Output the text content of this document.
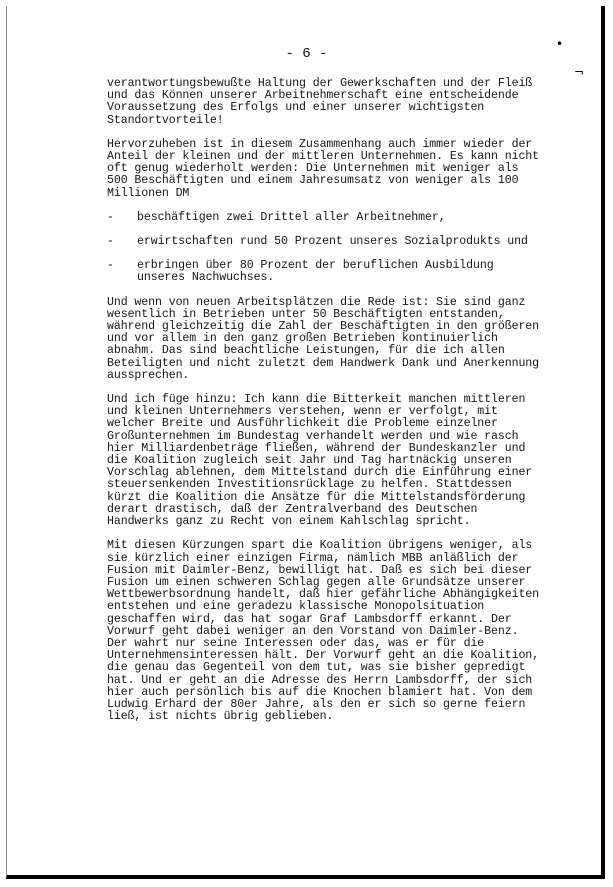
•
¬
- 6 -

verantwortungsbewußte Haltung der Gewerkschaften und der Fleiß
und das Können unserer Arbeitnehmerschaft eine entscheidende
Voraussetzung des Erfolgs und einer unserer wichtigsten
Standortvorteile!

Hervorzuheben ist in diesem Zusammenhang auch immer wieder der
Anteil der kleinen und der mittleren Unternehmen. Es kann nicht
oft genug wiederholt werden: Die Unternehmen mit weniger als
500 Beschäftigten und einem Jahresumsatz von weniger als 100
Millionen DM

-	beschäftigen zwei Drittel aller Arbeitnehmer,
-	erwirtschaften rund 50 Prozent unseres Sozialprodukts und
-	erbringen über 80 Prozent der beruflichen Ausbildung
unseres Nachwuchses.

Und wenn von neuen Arbeitsplätzen die Rede ist: Sie sind ganz
wesentlich in Betrieben unter 50 Beschäftigten entstanden,
während gleichzeitig die Zahl der Beschäftigten in den größeren
und vor allem in den ganz großen Betrieben kontinuierlich
abnahm. Das sind beachtliche Leistungen, für die ich allen
Beteiligten und nicht zuletzt dem Handwerk Dank und Anerkennung
aussprechen.

Und ich füge hinzu: Ich kann die Bitterkeit manchen mittleren
und kleinen Unternehmers verstehen, wenn er verfolgt, mit
welcher Breite und Ausführlichkeit die Probleme einzelner
Großunternehmen im Bundestag verhandelt werden und wie rasch
hier Milliardenbeträge fließen, während der Bundeskanzler und
die Koalition zugleich seit Jahr und Tag hartnäckig unseren
Vorschlag ablehnen, dem Mittelstand durch die Einführung einer
steuersenkenden Investitionsrücklage zu helfen. Stattdessen
kürzt die Koalition die Ansätze für die Mittelstandsförderung
derart drastisch, daß der Zentralverband des Deutschen
Handwerks ganz zu Recht von einem Kahlschlag spricht.

Mit diesen Kürzungen spart die Koalition übrigens weniger, als
sie kürzlich einer einzigen Firma, nämlich MBB anläßlich der
Fusion mit Daimler-Benz, bewilligt hat. Daß es sich bei dieser
Fusion um einen schweren Schlag gegen alle Grundsätze unserer
Wettbewerbsordnung handelt, daß hier gefährliche Abhängigkeiten
entstehen und eine geradezu klassische Monopolsituation
geschaffen wird, das hat sogar Graf Lambsdorff erkannt. Der
Vorwurf geht dabei weniger an den Vorstand von Daimler-Benz.
Der wahrt nur seine Interessen oder das, was er für die
Unternehmensinteressen hält. Der Vorwurf geht an die Koalition,
die genau das Gegenteil von dem tut, was sie bisher gepredigt
hat. Und er geht an die Adresse des Herrn Lambsdorff, der sich
hier auch persönlich bis auf die Knochen blamiert hat. Von dem
Ludwig Erhard der 80er Jahre, als den er sich so gerne feiern
ließ, ist nichts übrig geblieben.
